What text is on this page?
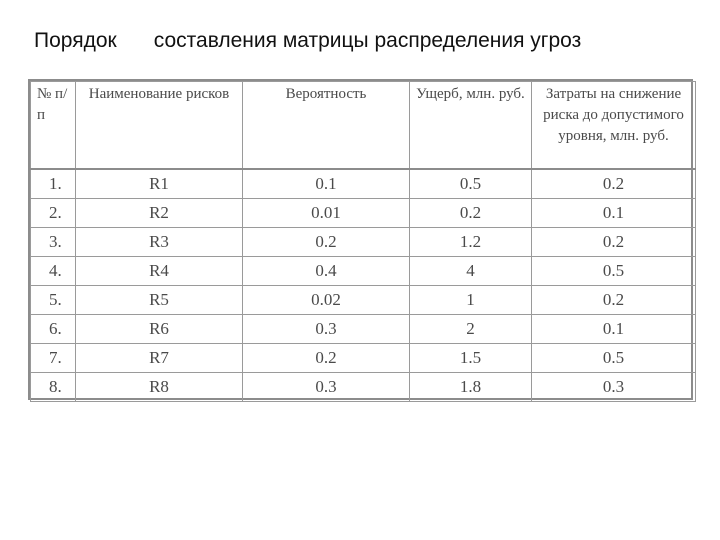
Порядок составления матрицы распределения угроз
№ п/п	Наименование рисков	Вероятность	Ущерб, млн. руб.	Затраты на снижение риска до допустимого уровня, млн. руб.
1.	R1	0.1	0.5	0.2
2.	R2	0.01	0.2	0.1
3.	R3	0.2	1.2	0.2
4.	R4	0.4	4	0.5
5.	R5	0.02	1	0.2
6.	R6	0.3	2	0.1
7.	R7	0.2	1.5	0.5
8.	R8	0.3	1.8	0.3
